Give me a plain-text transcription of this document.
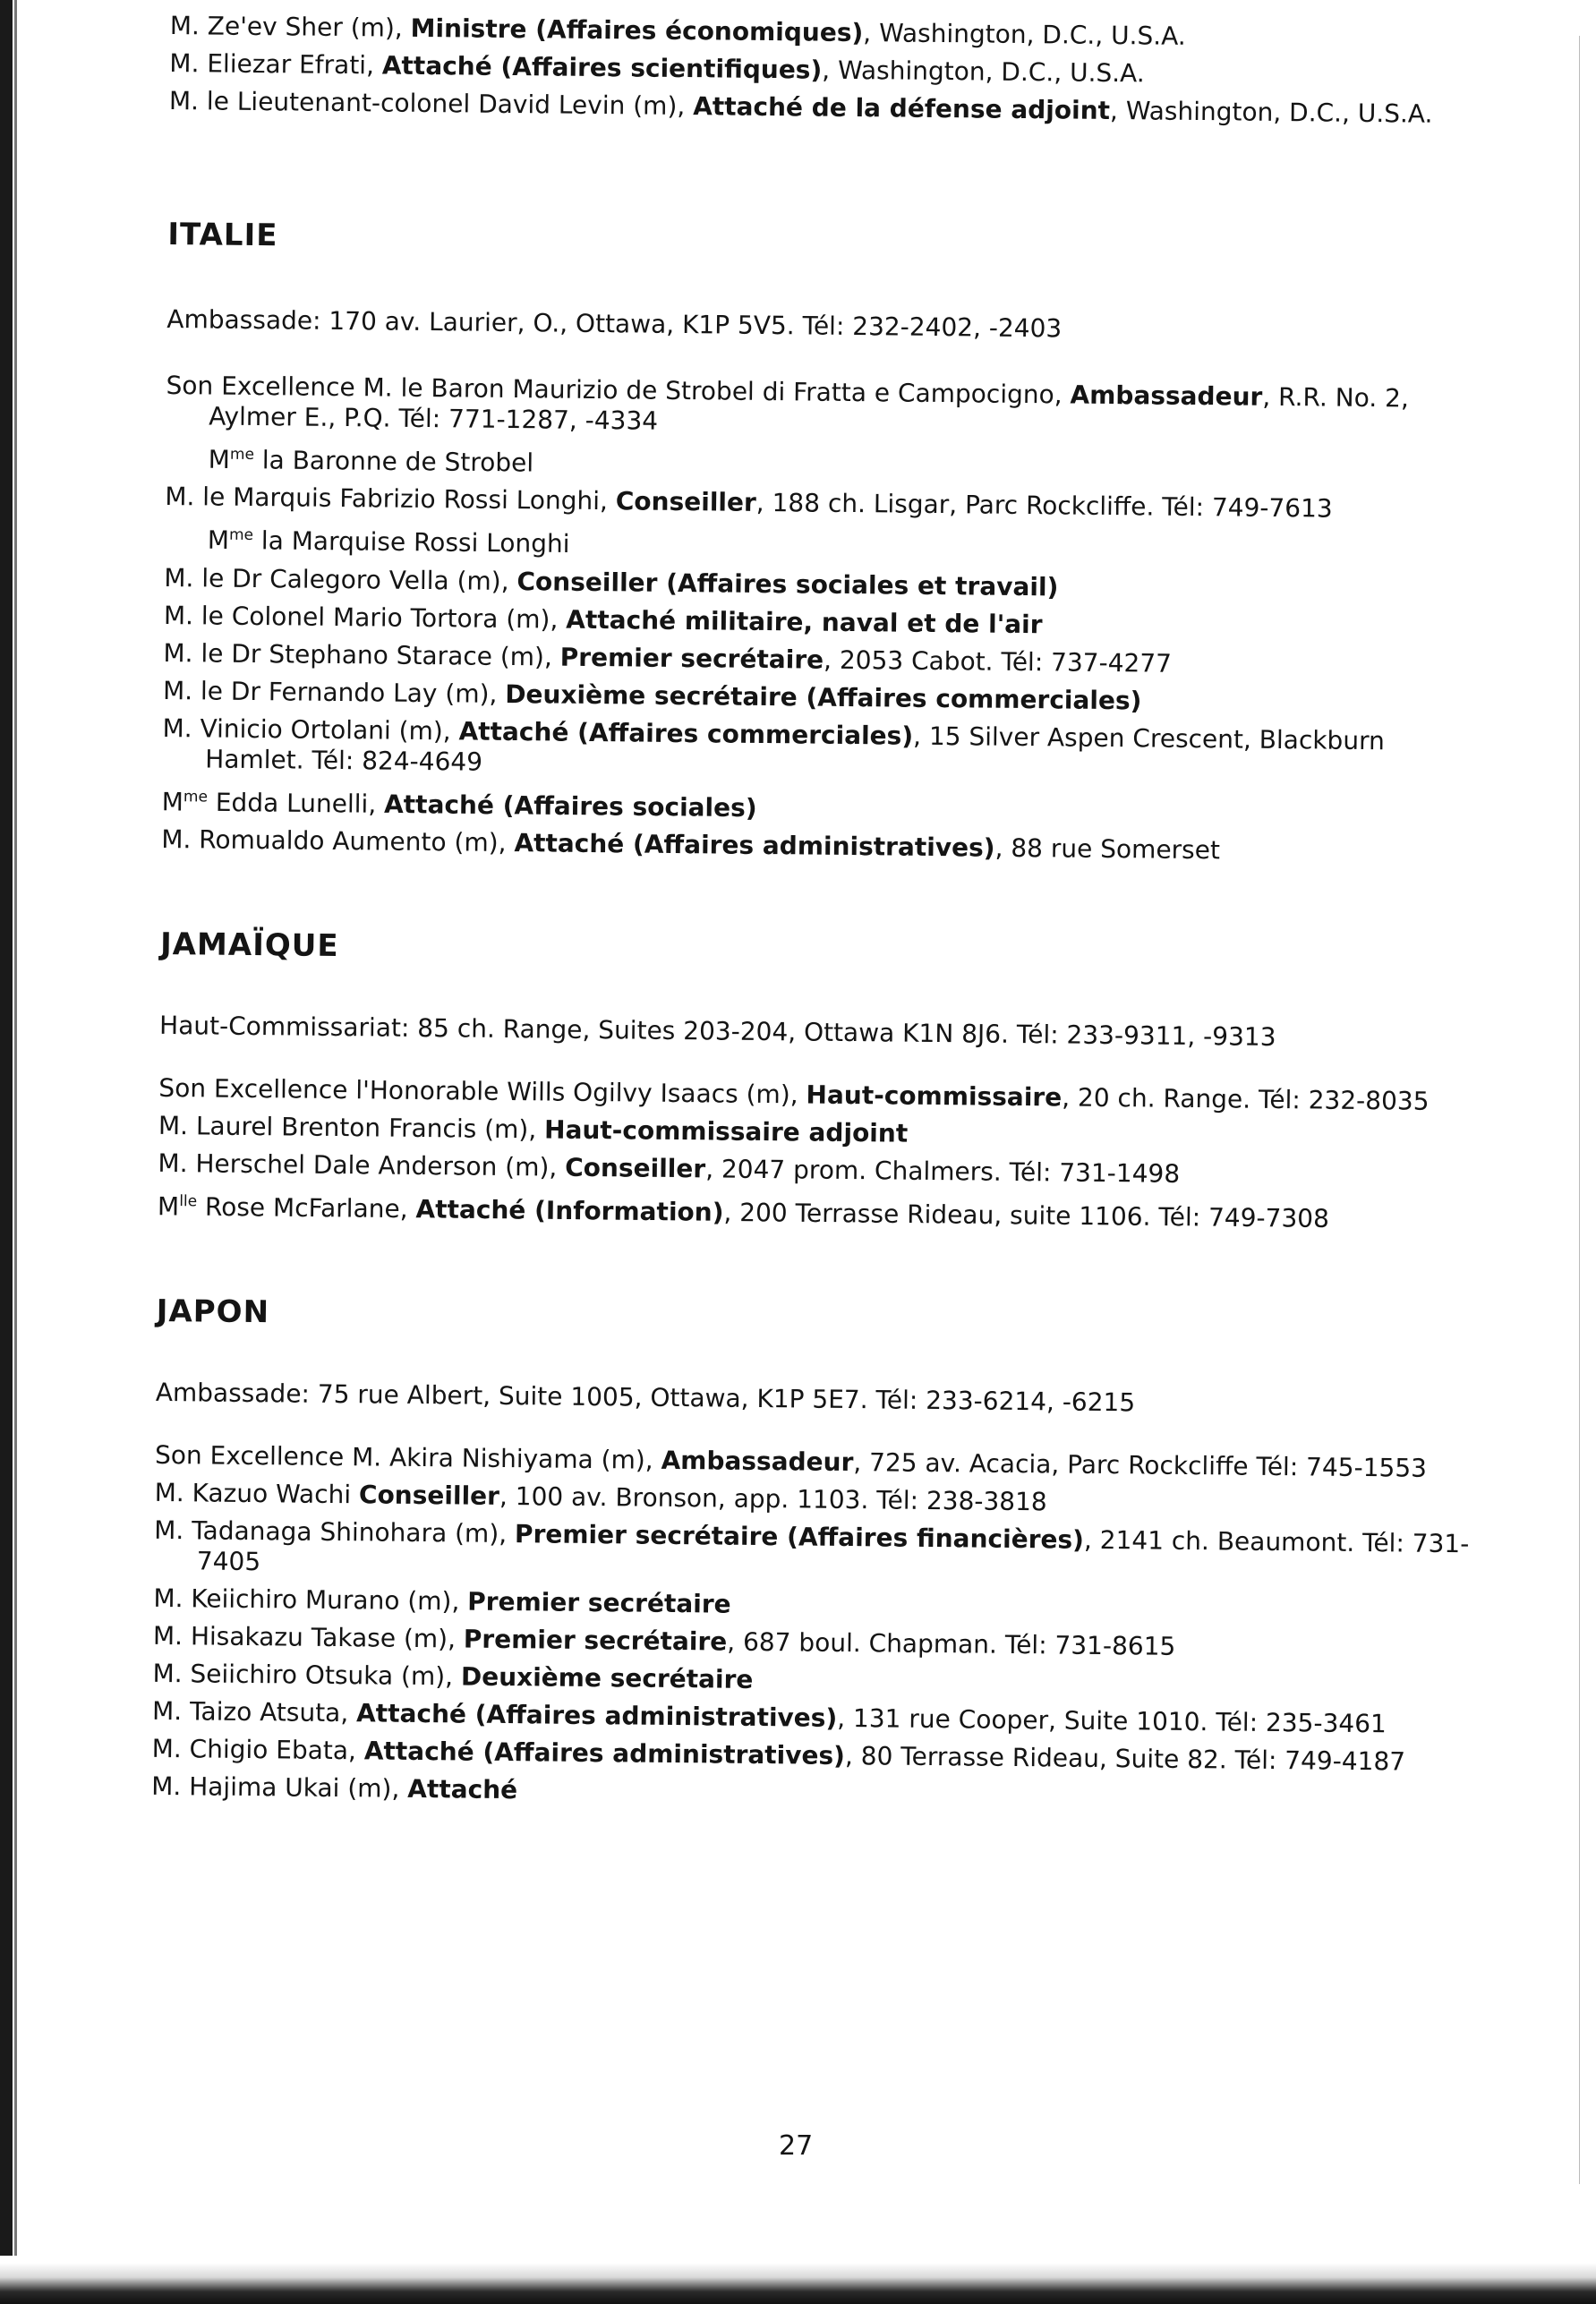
M. Ze'ev Sher (m), Ministre (Affaires économiques), Washington, D.C., U.S.A.

M. Eliezar Efrati, Attaché (Affaires scientifiques), Washington, D.C., U.S.A.

M. le Lieutenant-colonel David Levin (m), Attaché de la défense adjoint, Washington, D.C., U.S.A.

ITALIE

Ambassade: 170 av. Laurier, O., Ottawa, K1P 5V5. Tél: 232-2402, -2403

Son Excellence M. le Baron Maurizio de Strobel di Fratta e Campocigno, Ambassadeur, R.R. No. 2, Aylmer E., P.Q. Tél: 771-1287, -4334

$M^{me}$ la Baronne de Strobel

M. le Marquis Fabrizio Rossi Longhi, Conseiller, 188 ch. Lisgar, Parc Rockcliffe. Tél: 749-7613

$M^{me}$ la Marquise Rossi Longhi

M. le Dr Calegoro Vella (m), Conseiller (Affaires sociales et travail)

M. le Colonel Mario Tortora (m), Attaché militaire, naval et de l'air

M. le Dr Stephano Starace (m), Premier secrétaire, 2053 Cabot. Tél: 737-4277

M. le Dr Fernando Lay (m), Deuxième secrétaire (Affaires commerciales)

M. Vinicio Ortolani (m), Attaché (Affaires commerciales), 15 Silver Aspen Crescent, Blackburn Hamlet. Tél: 824-4649

$M^{me}$ Edda Lunelli, Attaché (Affaires sociales)

M. Romualdo Aumento (m), Attaché (Affaires administratives), 88 rue Somerset

JAMAÏQUE

Haut-Commissariat: 85 ch. Range, Suites 203-204, Ottawa K1N 8J6. Tél: 233-9311, -9313

Son Excellence l'Honorable Wills Ogilvy Isaacs (m), Haut-commissaire, 20 ch. Range. Tél: 232-8035

M. Laurel Brenton Francis (m), Haut-commissaire adjoint

M. Herschel Dale Anderson (m), Conseiller, 2047 prom. Chalmers. Tél: 731-1498

$M^{lle}$ Rose McFarlane, Attaché (Information), 200 Terrasse Rideau, suite 1106. Tél: 749-7308

JAPON

Ambassade: 75 rue Albert, Suite 1005, Ottawa, K1P 5E7. Tél: 233-6214, -6215

Son Excellence M. Akira Nishiyama (m), Ambassadeur, 725 av. Acacia, Parc Rockcliffe Tél: 745-1553

M. Kazuo Wachi Conseiller, 100 av. Bronson, app. 1103. Tél: 238-3818

M. Tadanaga Shinohara (m), Premier secrétaire (Affaires financières), 2141 ch. Beaumont. Tél: 731-7405

M. Keiichiro Murano (m), Premier secrétaire

M. Hisakazu Takase (m), Premier secrétaire, 687 boul. Chapman. Tél: 731-8615

M. Seiichiro Otsuka (m), Deuxième secrétaire

M. Taizo Atsuta, Attaché (Affaires administratives), 131 rue Cooper, Suite 1010. Tél: 235-3461

M. Chigio Ebata, Attaché (Affaires administratives), 80 Terrasse Rideau, Suite 82. Tél: 749-4187

M. Hajima Ukai (m), Attaché

27
